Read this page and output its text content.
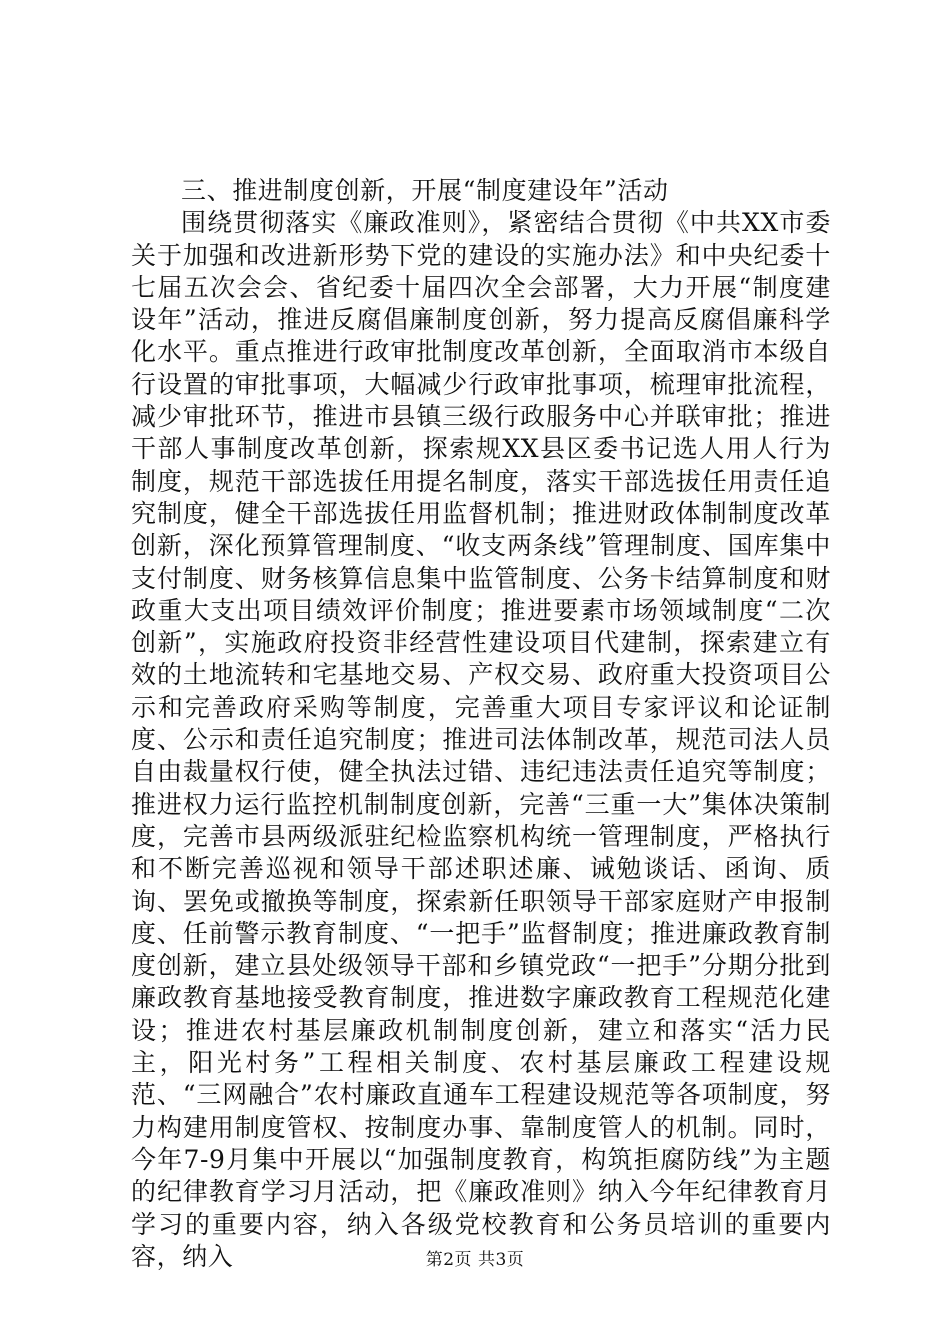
三、推进制度创新，开展“制度建设年”活动

围绕贯彻落实《廉政准则》，紧密结合贯彻《中共XX市委关于加强和改进新形势下党的建设的实施办法》和中央纪委十七届五次会会、省纪委十届四次全会部署，大力开展“制度建设年”活动，推进反腐倡廉制度创新，努力提高反腐倡廉科学化水平。重点推进行政审批制度改革创新，全面取消市本级自行设置的审批事项，大幅减少行政审批事项，梳理审批流程，减少审批环节，推进市县镇三级行政服务中心并联审批；推进干部人事制度改革创新，探索规XX县区委书记选人用人行为制度，规范干部选拔任用提名制度，落实干部选拔任用责任追究制度，健全干部选拔任用监督机制；推进财政体制制度改革创新，深化预算管理制度、“收支两条线”管理制度、国库集中支付制度、财务核算信息集中监管制度、公务卡结算制度和财政重大支出项目绩效评价制度；推进要素市场领域制度“二次创新”，实施政府投资非经营性建设项目代建制，探索建立有效的土地流转和宅基地交易、产权交易、政府重大投资项目公示和完善政府采购等制度，完善重大项目专家评议和论证制度、公示和责任追究制度；推进司法体制改革，规范司法人员自由裁量权行使，健全执法过错、违纪违法责任追究等制度；推进权力运行监控机制制度创新，完善“三重一大”集体决策制度，完善市县两级派驻纪检监察机构统一管理制度，严格执行和不断完善巡视和领导干部述职述廉、诫勉谈话、函询、质询、罢免或撤换等制度，探索新任职领导干部家庭财产申报制度、任前警示教育制度、“一把手”监督制度；推进廉政教育制度创新，建立县处级领导干部和乡镇党政“一把手”分期分批到廉政教育基地接受教育制度，推进数字廉政教育工程规范化建设；推进农村基层廉政机制制度创新，建立和落实“活力民主，阳光村务”工程相关制度、农村基层廉政工程建设规范、“三网融合”农村廉政直通车工程建设规范等各项制度，努力构建用制度管权、按制度办事、靠制度管人的机制。同时，今年7-9月集中开展以“加强制度教育，构筑拒腐防线”为主题的纪律教育学习月活动，把《廉政准则》纳入今年纪律教育月学习的重要内容，纳入各级党校教育和公务员培训的重要内容，纳入	第2页 共3页
